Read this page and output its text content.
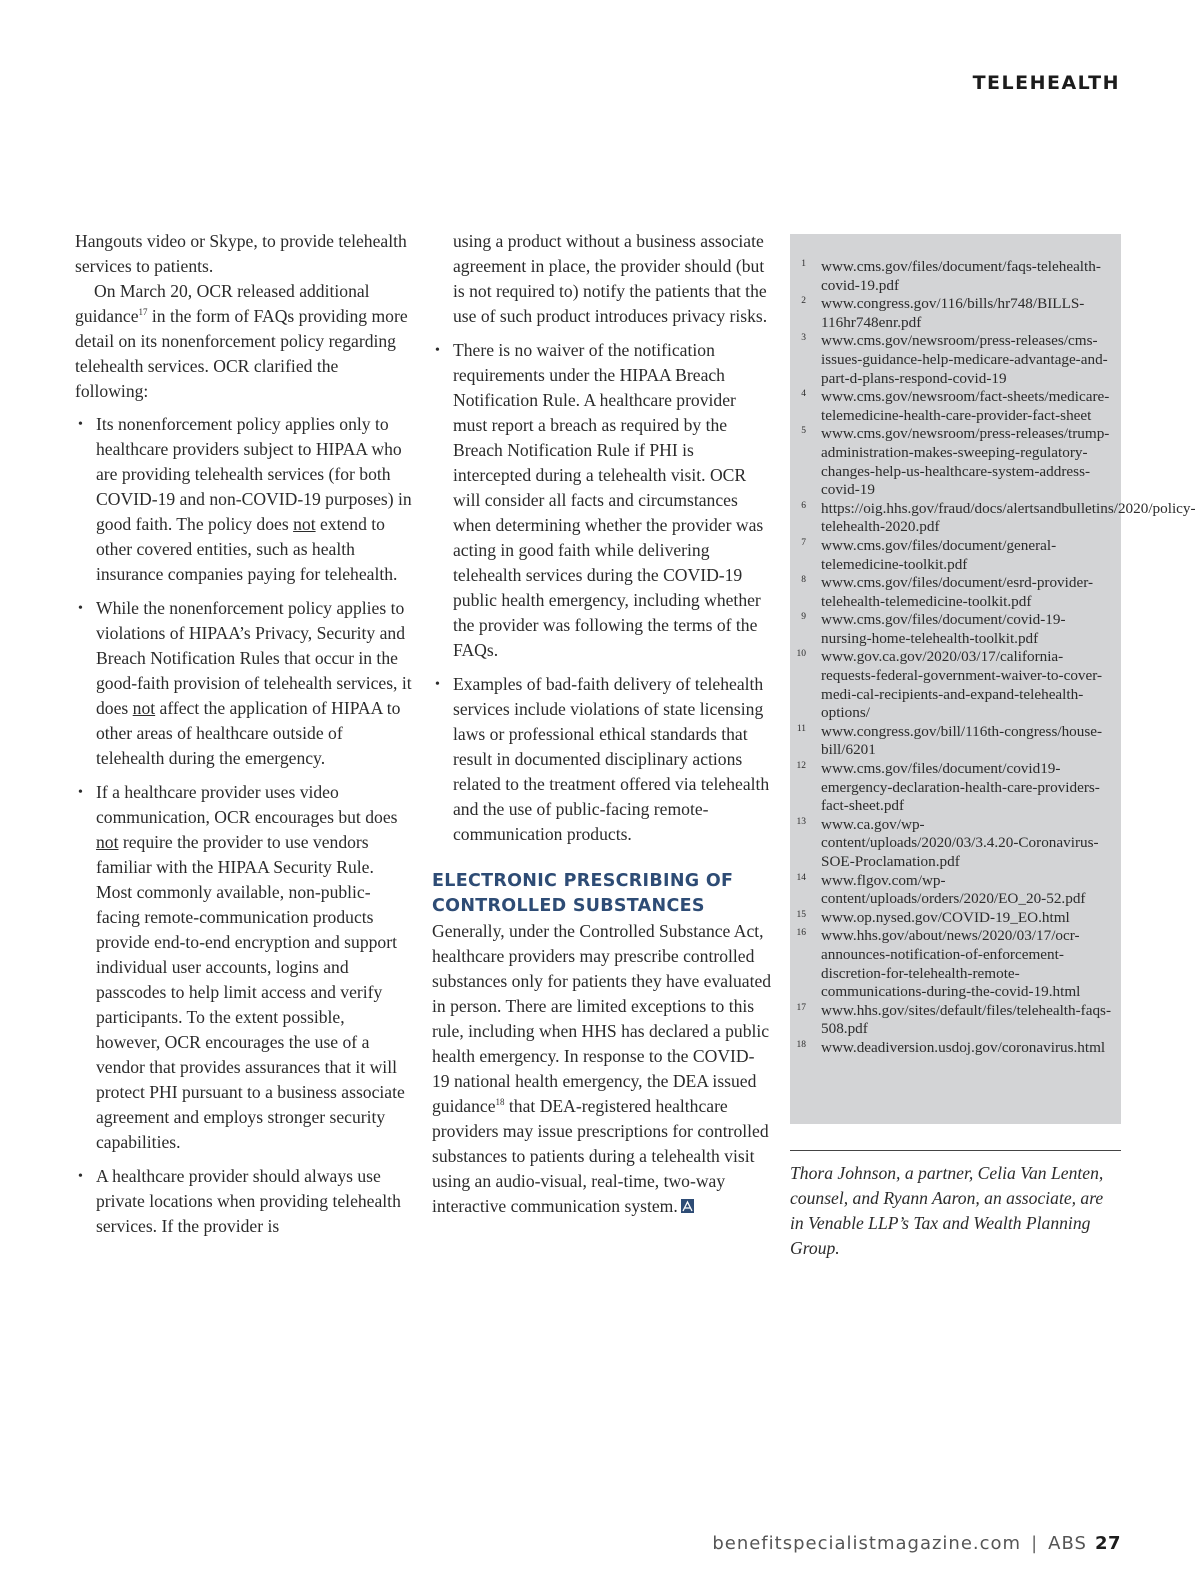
TELEHEALTH

Hangouts video or Skype, to provide telehealth services to patients.

On March 20, OCR released additional guidance$^{17}$ in the form of FAQs providing more detail on its nonenforcement policy regarding telehealth services. OCR clarified the following:

• Its nonenforcement policy applies only to healthcare providers subject to HIPAA who are providing telehealth services (for both COVID-19 and non-COVID-19 purposes) in good faith. The policy does not extend to other covered entities, such as health insurance companies paying for telehealth.
• While the nonenforcement policy applies to violations of HIPAA’s Privacy, Security and Breach Notification Rules that occur in the good-faith provision of telehealth services, it does not affect the application of HIPAA to other areas of healthcare outside of telehealth during the emergency.
• If a healthcare provider uses video communication, OCR encourages but does not require the provider to use vendors familiar with the HIPAA Security Rule. Most commonly available, non-public-facing remote-communication products provide end-to-end encryption and support individual user accounts, logins and passcodes to help limit access and verify participants. To the extent possible, however, OCR encourages the use of a vendor that provides assurances that it will protect PHI pursuant to a business associate agreement and employs stronger security capabilities.
• A healthcare provider should always use private locations when providing telehealth services. If the provider is

using a product without a business associate agreement in place, the provider should (but is not required to) notify the patients that the use of such product introduces privacy risks.

• There is no waiver of the notification requirements under the HIPAA Breach Notification Rule. A healthcare provider must report a breach as required by the Breach Notification Rule if PHI is intercepted during a telehealth visit. OCR will consider all facts and circumstances when determining whether the provider was acting in good faith while delivering telehealth services during the COVID-19 public health emergency, including whether the provider was following the terms of the FAQs.
• Examples of bad-faith delivery of telehealth services include violations of state licensing laws or professional ethical standards that result in documented disciplinary actions related to the treatment offered via telehealth and the use of public-facing remote-communication products.
ELECTRONIC PRESCRIBING OF CONTROLLED SUBSTANCES

Generally, under the Controlled Substance Act, healthcare providers may prescribe controlled substances only for patients they have evaluated in person. There are limited exceptions to this rule, including when HHS has declared a public health emergency. In response to the COVID-19 national health emergency, the DEA issued guidance$^{18}$ that DEA-registered healthcare providers may issue prescriptions for controlled substances to patients during a telehealth visit using an audio-visual, real-time, two-way interactive communication system.

1 www.cms.gov/files/document/faqs-telehealth-covid-19.pdf
2 www.congress.gov/116/bills/hr748/BILLS-116hr748enr.pdf
3 www.cms.gov/newsroom/press-releases/cms-issues-guidance-help-medicare-advantage-and-part-d-plans-respond-covid-19
4 www.cms.gov/newsroom/fact-sheets/medicare-telemedicine-health-care-provider-fact-sheet
5 www.cms.gov/newsroom/press-releases/trump-administration-makes-sweeping-regulatory-changes-help-us-healthcare-system-address-covid-19
6 https://oig.hhs.gov/fraud/docs/alertsandbulletins/2020/policy-telehealth-2020.pdf
7 www.cms.gov/files/document/general-telemedicine-toolkit.pdf
8 www.cms.gov/files/document/esrd-provider-telehealth-telemedicine-toolkit.pdf
9 www.cms.gov/files/document/covid-19-nursing-home-telehealth-toolkit.pdf
10 www.gov.ca.gov/2020/03/17/california-requests-federal-government-waiver-to-cover-medi-cal-recipients-and-expand-telehealth-options/
11 www.congress.gov/bill/116th-congress/house-bill/6201
12 www.cms.gov/files/document/covid19-emergency-declaration-health-care-providers-fact-sheet.pdf
13 www.ca.gov/wp-content/uploads/2020/03/3.4.20-Coronavirus-SOE-Proclamation.pdf
14 www.flgov.com/wp-content/uploads/orders/2020/EO_20-52.pdf
15 www.op.nysed.gov/COVID-19_EO.html
16 www.hhs.gov/about/news/2020/03/17/ocr-announces-notification-of-enforcement-discretion-for-telehealth-remote-communications-during-the-covid-19.html
17 www.hhs.gov/sites/default/files/telehealth-faqs-508.pdf
18 www.deadiversion.usdoj.gov/coronavirus.html

Thora Johnson, a partner, Celia Van Lenten, counsel, and Ryann Aaron, an associate, are in Venable LLP’s Tax and Wealth Planning Group.

benefitspecialistmagazine.com | ABS 27
